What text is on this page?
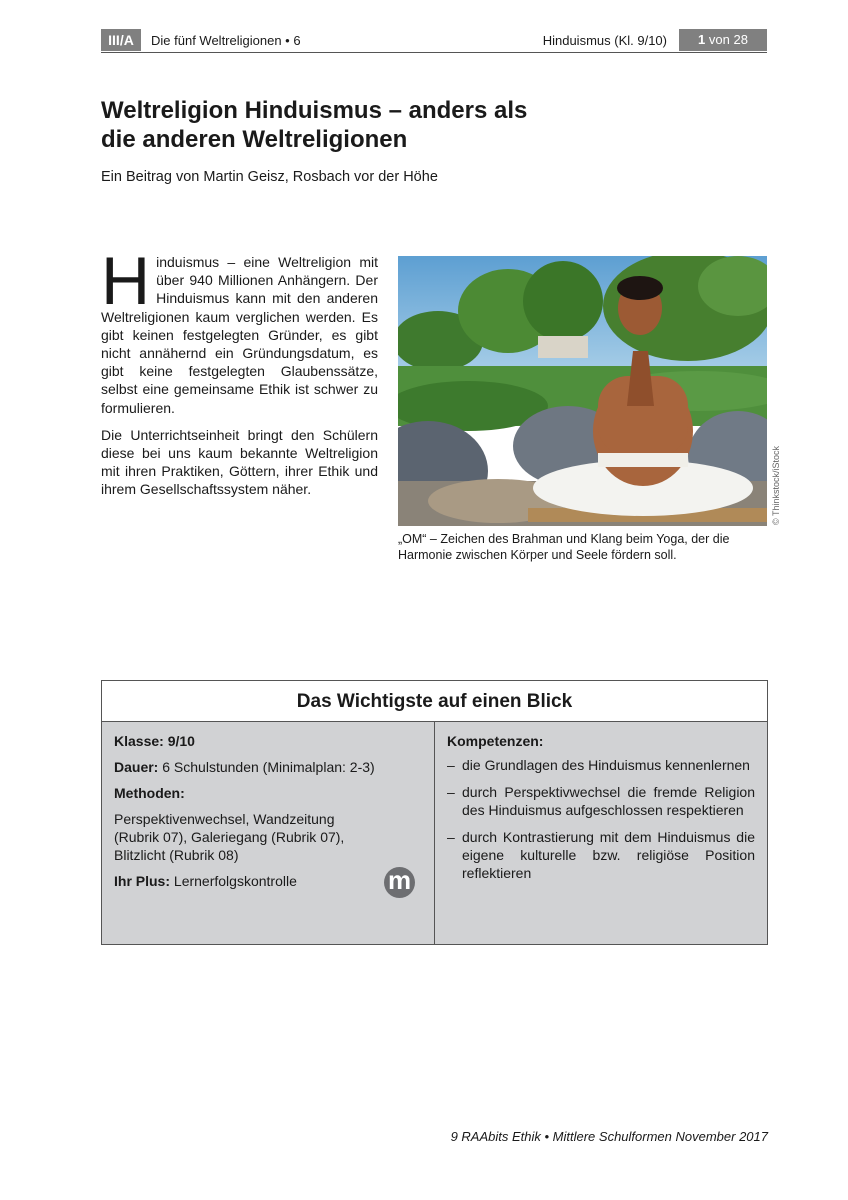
III/A	Die fünf Weltreligionen • 6	Hinduismus (Kl. 9/10)	1 von 28
Weltreligion Hinduismus – anders als
die anderen Weltreligionen
Ein Beitrag von Martin Geisz, Rosbach vor der Höhe

Hinduismus – eine Weltreligion mit über 940 Millionen Anhängern. Der Hinduismus kann mit den anderen Weltreligionen kaum verglichen werden. Es gibt keinen festgelegten Gründer, es gibt nicht annähernd ein Gründungsdatum, es gibt keine festgelegten Glaubenssätze, selbst eine gemeinsame Ethik ist schwer zu formulieren.

Die Unterrichtseinheit bringt den Schülern diese bei uns kaum bekannte Weltreligion mit ihren Praktiken, Göttern, ihrer Ethik und ihrem Gesellschaftssystem näher.	© Thinkstock/iStock
„OM“ – Zeichen des Brahman und Klang beim Yoga, der die Harmonie zwischen Körper und Seele fördern soll.
Das Wichtigste auf einen Blick
Klasse: 9/10
Dauer: 6 Schulstunden (Minimalplan: 2-3)
Methoden:
Perspektivenwechsel, Wandzeitung (Rubrik 07), Galeriegang (Rubrik 07), Blitzlicht (Rubrik 08)
Ihr Plus: Lernerfolgskontrolle	m
Kompetenzen:
– die Grundlagen des Hinduismus kennenlernen
– durch Perspektivwechsel die fremde Religion des Hinduismus aufgeschlossen respektieren
– durch Kontrastierung mit dem Hinduismus die eigene kulturelle bzw. religiöse Position reflektieren
9 RAAbits Ethik • Mittlere Schulformen November 2017
